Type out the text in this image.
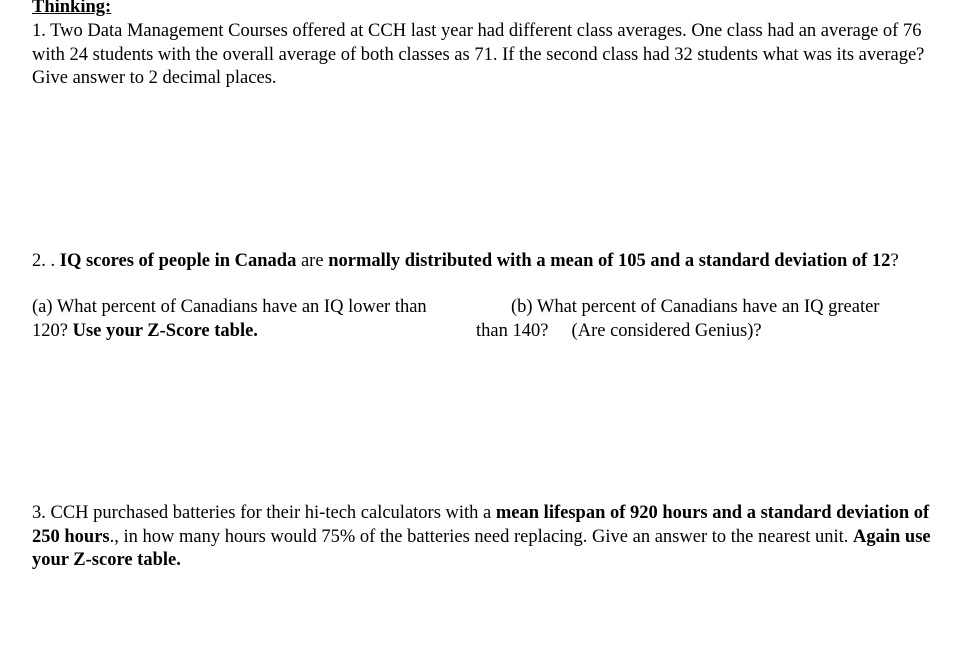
Thinking:
1. Two Data Management Courses offered at CCH last year had different class averages. One class had an average of 76 with 24 students with the overall average of both classes as 71. If the second class had 32 students what was its average? Give answer to 2 decimal places.
2. . IQ scores of people in Canada are normally distributed with a mean of 105 and a standard deviation of 12?
(a) What percent of Canadians have an IQ lower than 120? Use your Z-Score table.
(b) What percent of Canadians have an IQ greater
than 140?     (Are considered Genius)?
3. CCH purchased batteries for their hi-tech calculators with a mean lifespan of 920 hours and a standard deviation of 250 hours., in how many hours would 75% of the batteries need replacing. Give an answer to the nearest unit. Again use your Z-score table.
